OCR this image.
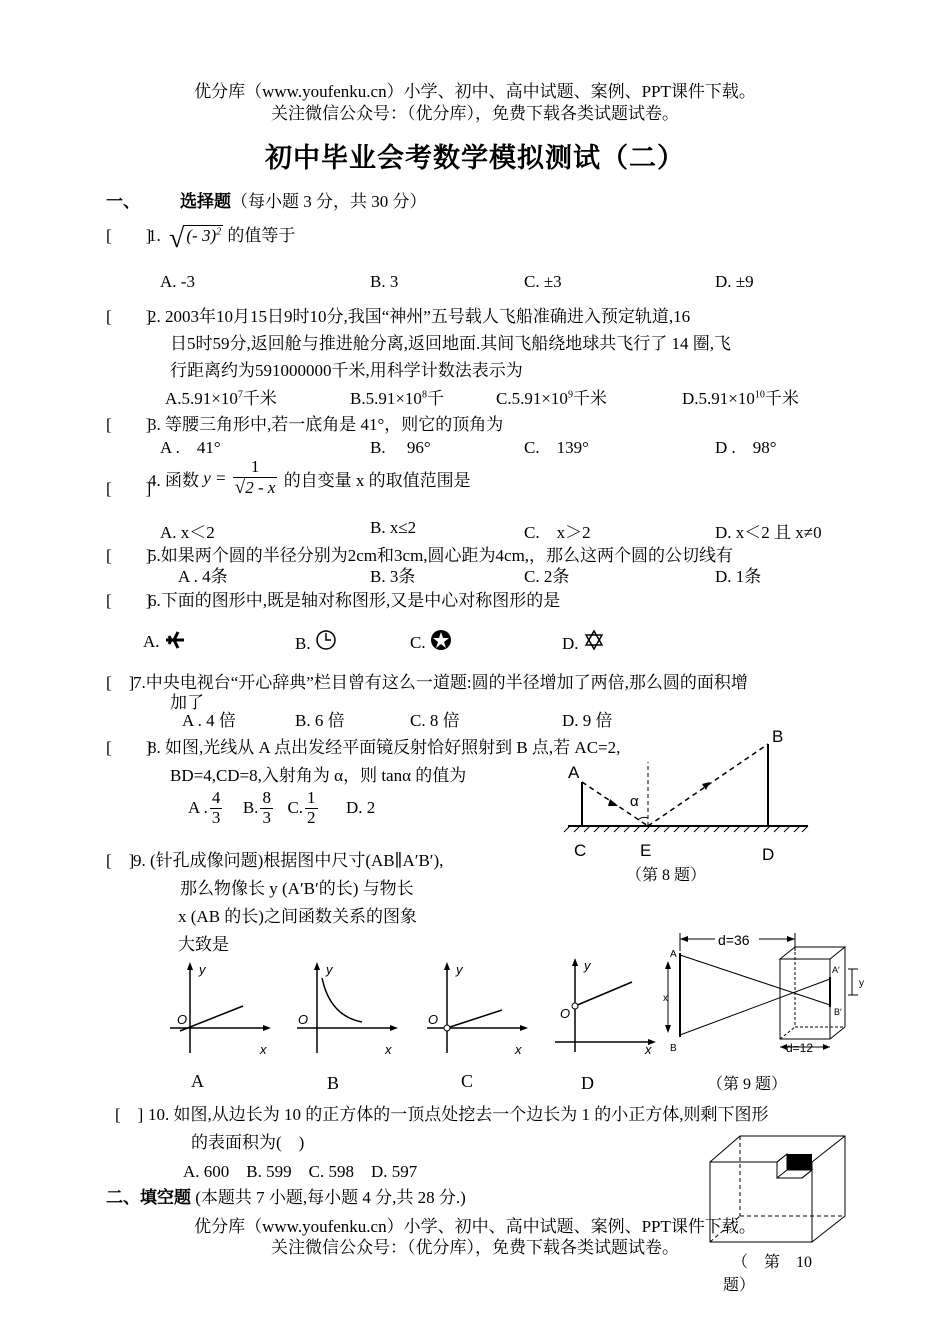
优分库（www.youfenku.cn）小学、初中、高中试题、案例、PPT课件下载。
关注微信公众号：（优分库），免费下载各类试题试卷。
初中毕业会考数学模拟测试（二）
一、 选择题（每小题 3 分，共 30 分）
[　　]
1. √ (- 3)$^2$ 的值等于
A. -3	B. 3	C. ±3	D. ±9
[　　]
2. 2003年10月15日9时10分,我国“神州”五号载人飞船准确进入预定轨道,16
日5时59分,返回舱与推进舱分离,返回地面.其间飞船绕地球共飞行了 14 圈,飞
行距离约为591000000千米,用科学计数法表示为
$A.5.91\times 10^7$千米	$B.5.91\times 10^8$千	$C.5.91\times 10^9$千米	$D.5.91\times 10^{10}$千米
[　　]
3. 等腰三角形中,若一底角是 41°，则它的顶角为
A .　41°	B.　 96°	C.　139°	D .　98°
[　　]
4. 函数 $y = \frac{1}{√2 - x}$ 的自变量 x 的取值范围是
A. x＜2	B. x≤2	C.　x＞2	D. x＜2 且 x≠0
[　　]
5.如果两个圆的半径分别为2cm和3cm,圆心距为4cm,，那么这两个圆的公切线有
A . 4条	B. 3条	C. 2条	D. 1条
[　　]
6.下面的图形中,既是轴对称图形,又是中心对称图形的是
A.	B.	C.	D.
[　]
7.中央电视台“开心辞典”栏目曾有这么一道题:圆的半径增加了两倍,那么圆的面积增
加了
A . 4 倍	B. 6 倍	C. 8 倍	D. 9 倍
[　　]
8. 如图,光线从 A 点出发经平面镜反射恰好照射到 B 点,若 AC=2,
BD=4,CD=8,入射角为 α，则 tanα 的值为
A . $\frac{4}{3} B$. $\frac{8}{3} C$. $\frac{1}{2} D$. 2
A
B
C	E	D
α
（第 8 题）
[　]
9. (针孔成像问题)根据图中尺寸(AB∥A′B′),
那么物像长 y (A′B′的长) 与物长
x (AB 的长)之间函数关系的图象
大致是
y
O
x
y
O
x
y
O
x
y
O
x
A	B	C	D
d=36
x
A
B
A′
B′
y
d=12
（第 9 题）
[　] 10. 如图,从边长为 10 的正方体的一顶点处挖去一个边长为 1 的小正方体,则剩下图形
的表面积为(　)
A. 600　B. 599　C. 598　D. 597
（　第　10
题）
二、填空题 (本题共 7 小题,每小题 4 分,共 28 分.)
优分库（www.youfenku.cn）小学、初中、高中试题、案例、PPT课件下载。
关注微信公众号：（优分库），免费下载各类试题试卷。
